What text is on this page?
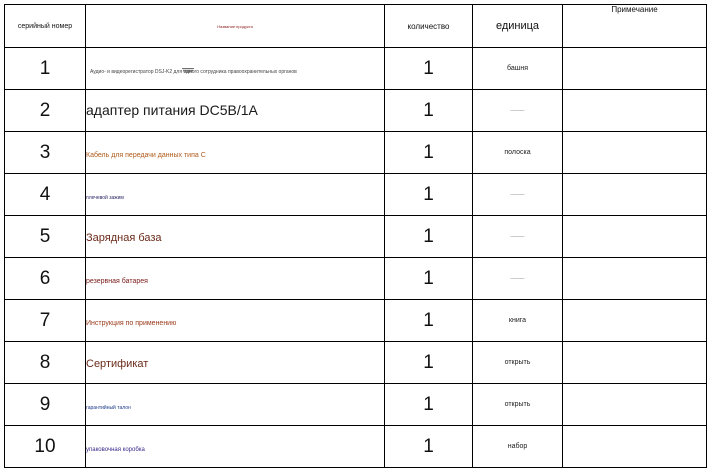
серийный номер	Название продукта	количество	единица	Примечание
1	Аудио- и видеорегистратор DSJ-K2 для одного сотрудника правоохранительных органов	1	башня	
2	адаптер питания DC5В/1A	1	——	
3	Кабель для передачи данных типа C	1	полоска	
4	плечевой зажим	1	——	
5	Зарядная база	1	——	
6	резервная батарея	1	——	
7	Инструкция по применению	1	книга	
8	Сертификат	1	открыть	
9	гарантийный талон	1	открыть	
10	упаковочная коробка	1	набор	
